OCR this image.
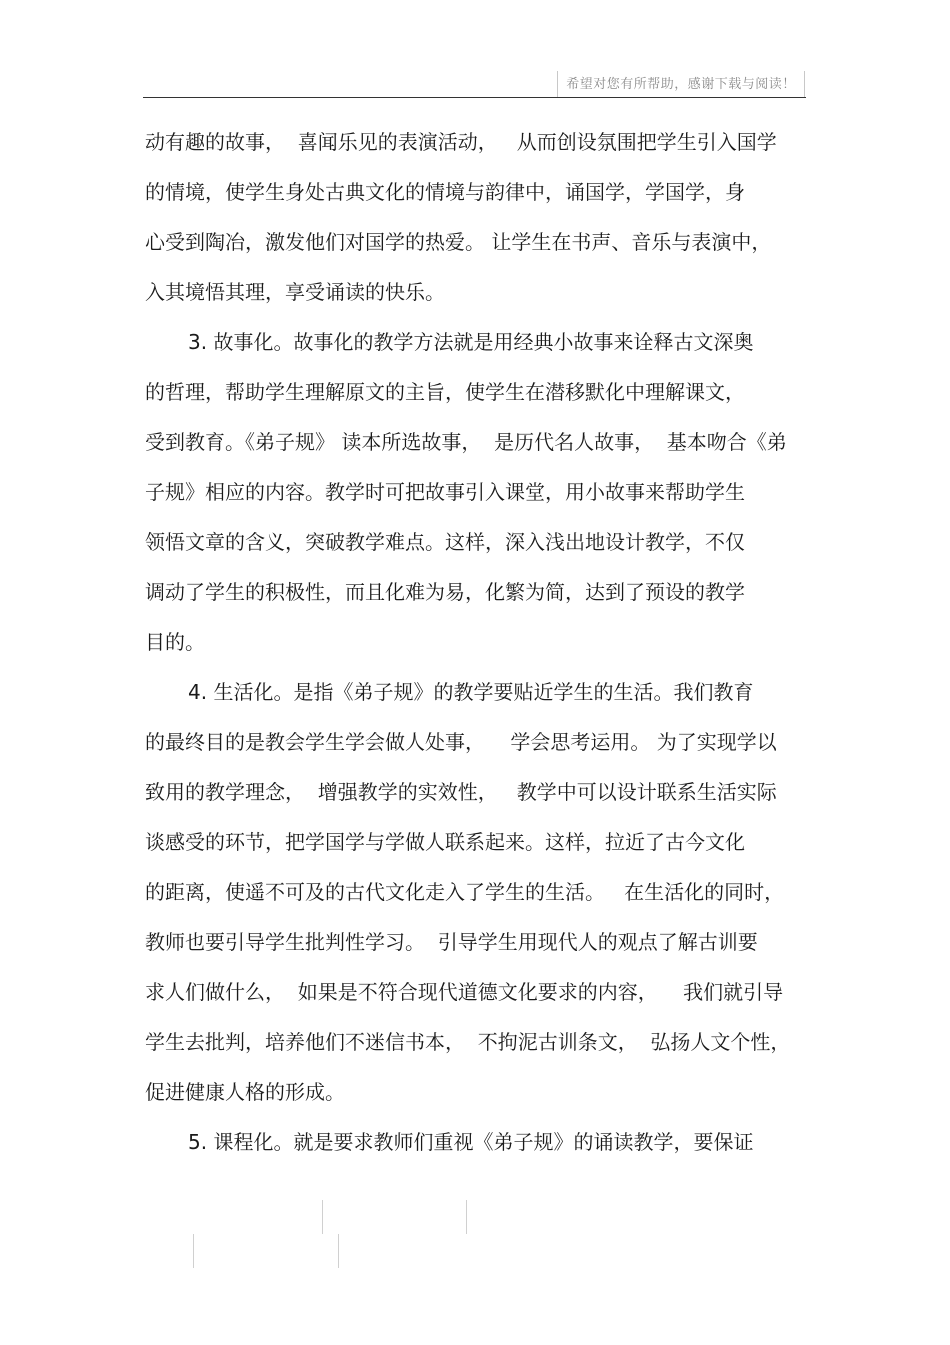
希望对您有所帮助，感谢下载与阅读！
动有趣的故事，  喜闻乐见的表演活动，   从而创设氛围把学生引入国学
的情境，使学生身处古典文化的情境与韵律中，诵国学，学国学，身
心受到陶冶，激发他们对国学的热爱。 让学生在书声、音乐与表演中，
入其境悟其理，享受诵读的快乐。
3. 故事化。故事化的教学方法就是用经典小故事来诠释古文深奥
的哲理，帮助学生理解原文的主旨，使学生在潜移默化中理解课文，
受到教育。《弟子规》 读本所选故事，  是历代名人故事，  基本吻合《弟
子规》相应的内容。教学时可把故事引入课堂，用小故事来帮助学生
领悟文章的含义，突破教学难点。这样，深入浅出地设计教学，不仅
调动了学生的积极性，而且化难为易，化繁为简，达到了预设的教学
目的。
4. 生活化。是指《弟子规》的教学要贴近学生的生活。我们教育
的最终目的是教会学生学会做人处事，    学会思考运用。 为了实现学以
致用的教学理念，  增强教学的实效性，   教学中可以设计联系生活实际
谈感受的环节，把学国学与学做人联系起来。这样，拉近了古今文化
的距离，使遥不可及的古代文化走入了学生的生活。   在生活化的同时，
教师也要引导学生批判性学习。  引导学生用现代人的观点了解古训要
求人们做什么，  如果是不符合现代道德文化要求的内容，    我们就引导
学生去批判，培养他们不迷信书本，  不拘泥古训条文，  弘扬人文个性，
促进健康人格的形成。
5. 课程化。就是要求教师们重视《弟子规》的诵读教学，要保证
